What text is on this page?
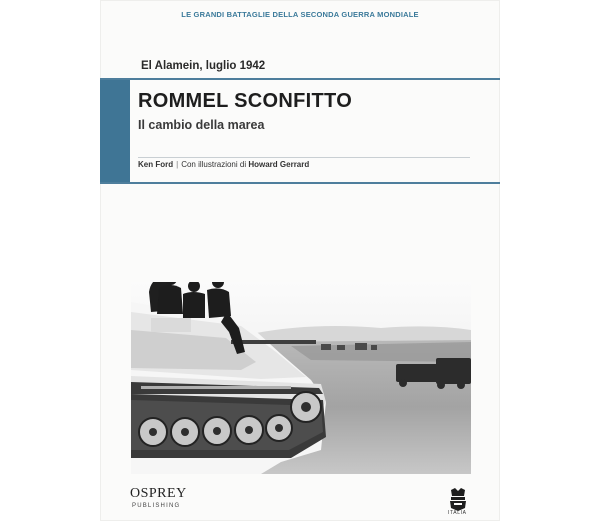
LE GRANDI BATTAGLIE DELLA SECONDA GUERRA MONDIALE
El Alamein, luglio 1942
ROMMEL SCONFITTO
Il cambio della marea
Ken Ford | Con illustrazioni di Howard Gerrard
OSPREY
PUBLISHING
ITALIA
